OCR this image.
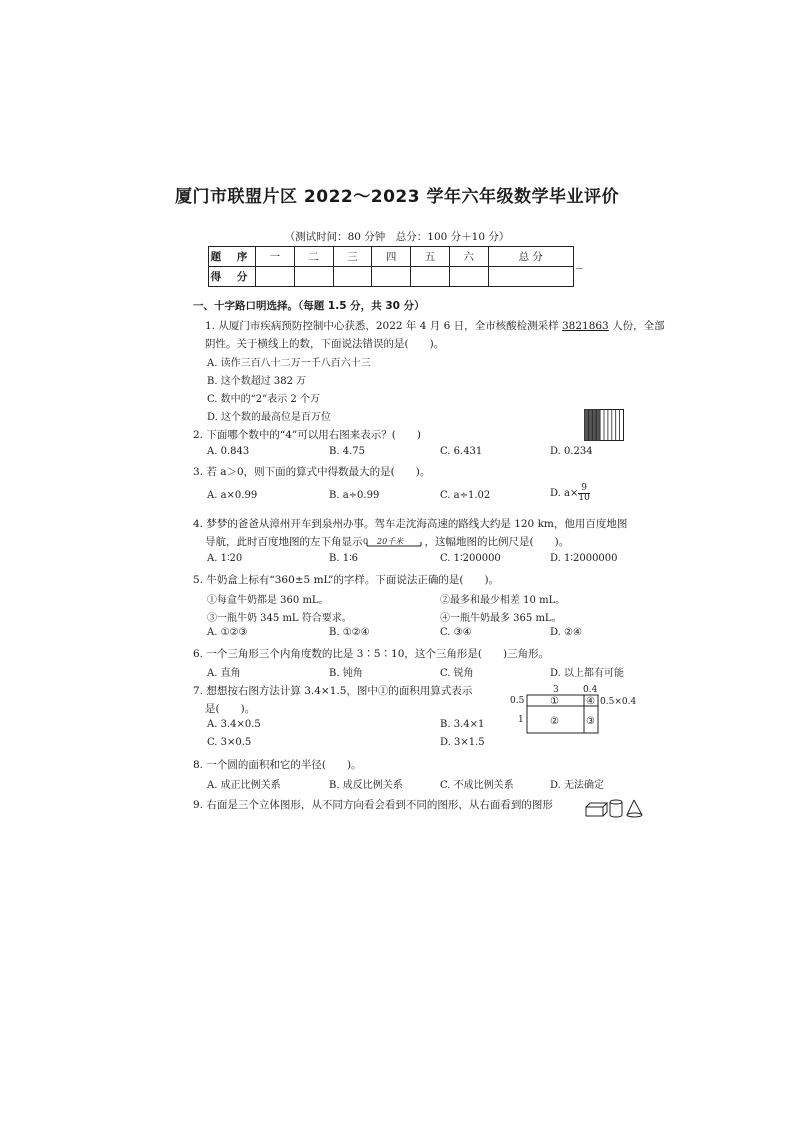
厦门市联盟片区 2022～2023 学年六年级数学毕业评价
（测试时间：80 分钟　总分：100 分＋10 分）
题 序	一	二	三	四	五	六	总 分
得 分							
一、十字路口明选择。（每题 1.5 分，共 30 分）
1. 从厦门市疾病预防控制中心获悉，2022 年 4 月 6 日，全市核酸检测采样 3821863 人份，全部
阴性。关于横线上的数，下面说法错误的是(　　)。
A. 读作三百八十二万一千八百六十三
B. 这个数超过 382 万
C. 数中的“2”表示 2 个万
D. 这个数的最高位是百万位
2. 下面哪个数中的“4”可以用右图来表示？(　　)
A. 0.843	B. 4.75	C. 6.431	D. 0.234
3. 若 a＞0，则下面的算式中得数最大的是(　　)。
A. a×0.99	B. a÷0.99	C. a÷1.02	D. $a\times \frac{9}{10}$
4. 梦梦的爸爸从漳州开车到泉州办事。驾车走沈海高速的路线大约是 120 km，他用百度地图
导航，此时百度地图的左下角显示 0 20千米 ，这幅地图的比例尺是(　　)。
A. 1∶20	B. 1∶6	C. 1∶200000	D. 1∶2000000
5. 牛奶盒上标有“360±5 mL”的字样。下面说法正确的是(　　)。
①每盒牛奶都是 360 mL。	②最多和最少相差 10 mL。
③一瓶牛奶 345 mL 符合要求。	④一瓶牛奶最多 365 mL。
A. ①②③	B. ①②④	C. ③④	D. ②④
6. 一个三角形三个内角度数的比是 3∶5∶10，这个三角形是(　　)三角形。
A. 直角	B. 钝角	C. 锐角	D. 以上都有可能
7. 想想按右图方法计算 3.4×1.5，图中①的面积用算式表示
是(　　)。
A. 3.4×0.5	B. 3.4×1
C. 3×0.5	D. 3×1.5
3	0.4
0.5
1
①	④
②	③
0.5×0.4
8. 一个圆的面积和它的半径(　　)。
A. 成正比例关系	B. 成反比例关系	C. 不成比例关系	D. 无法确定
9. 右面是三个立体图形，从不同方向看会看到不同的图形，从右面看到的图形
